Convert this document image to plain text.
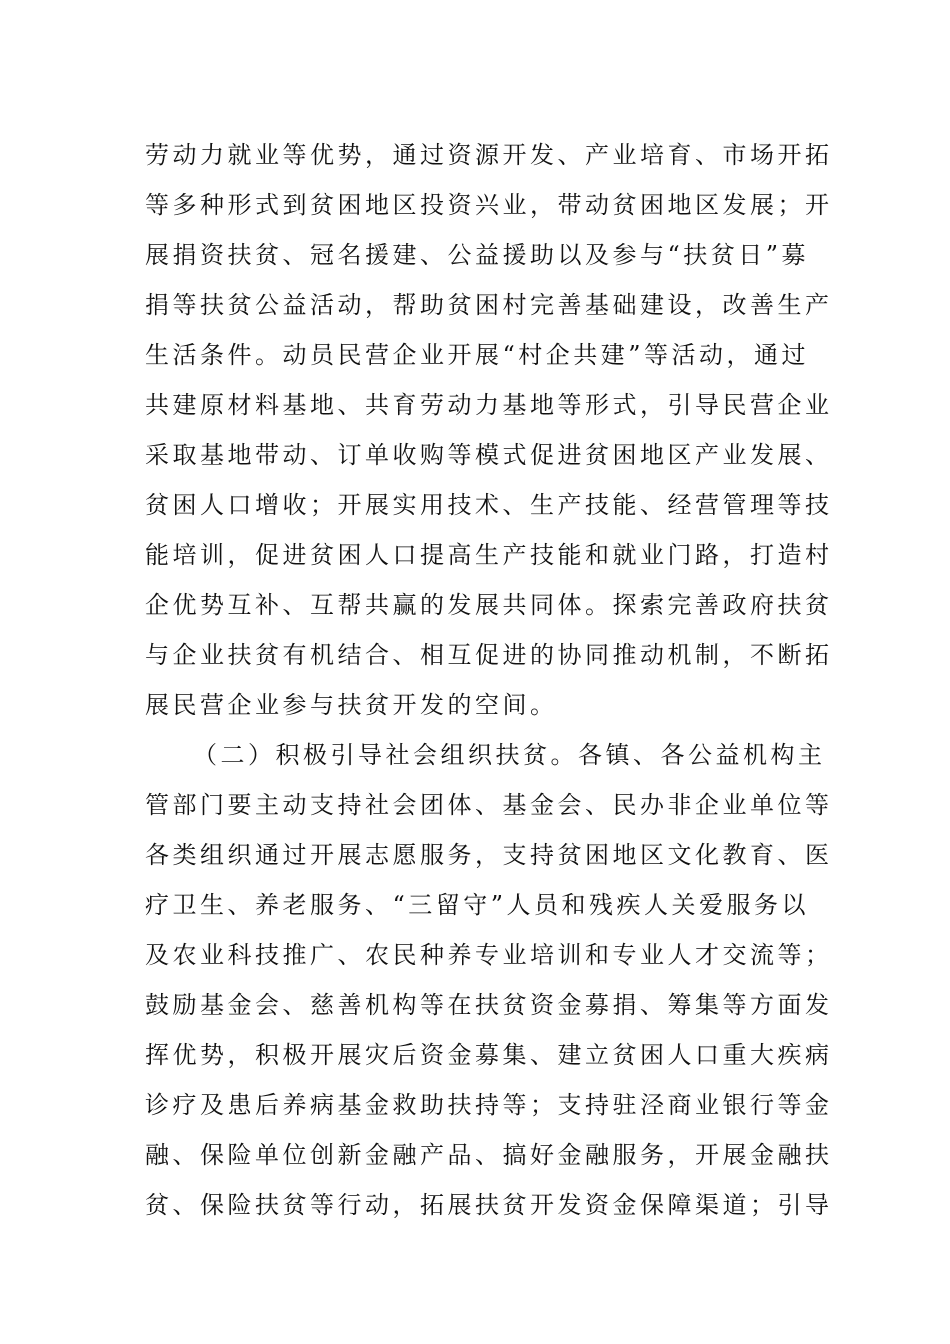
劳动力就业等优势，通过资源开发、产业培育、市场开拓
等多种形式到贫困地区投资兴业，带动贫困地区发展；开
展捐资扶贫、冠名援建、公益援助以及参与“扶贫日”募
捐等扶贫公益活动，帮助贫困村完善基础建设，改善生产
生活条件。动员民营企业开展“村企共建”等活动，通过
共建原材料基地、共育劳动力基地等形式，引导民营企业
采取基地带动、订单收购等模式促进贫困地区产业发展、
贫困人口增收；开展实用技术、生产技能、经营管理等技
能培训，促进贫困人口提高生产技能和就业门路，打造村
企优势互补、互帮共赢的发展共同体。探索完善政府扶贫
与企业扶贫有机结合、相互促进的协同推动机制，不断拓
展民营企业参与扶贫开发的空间。
（二）积极引导社会组织扶贫。各镇、各公益机构主
管部门要主动支持社会团体、基金会、民办非企业单位等
各类组织通过开展志愿服务，支持贫困地区文化教育、医
疗卫生、养老服务、“三留守”人员和残疾人关爱服务以
及农业科技推广、农民种养专业培训和专业人才交流等；
鼓励基金会、慈善机构等在扶贫资金募捐、筹集等方面发
挥优势，积极开展灾后资金募集、建立贫困人口重大疾病
诊疗及患后养病基金救助扶持等；支持驻泾商业银行等金
融、保险单位创新金融产品、搞好金融服务，开展金融扶
贫、保险扶贫等行动，拓展扶贫开发资金保障渠道；引导
